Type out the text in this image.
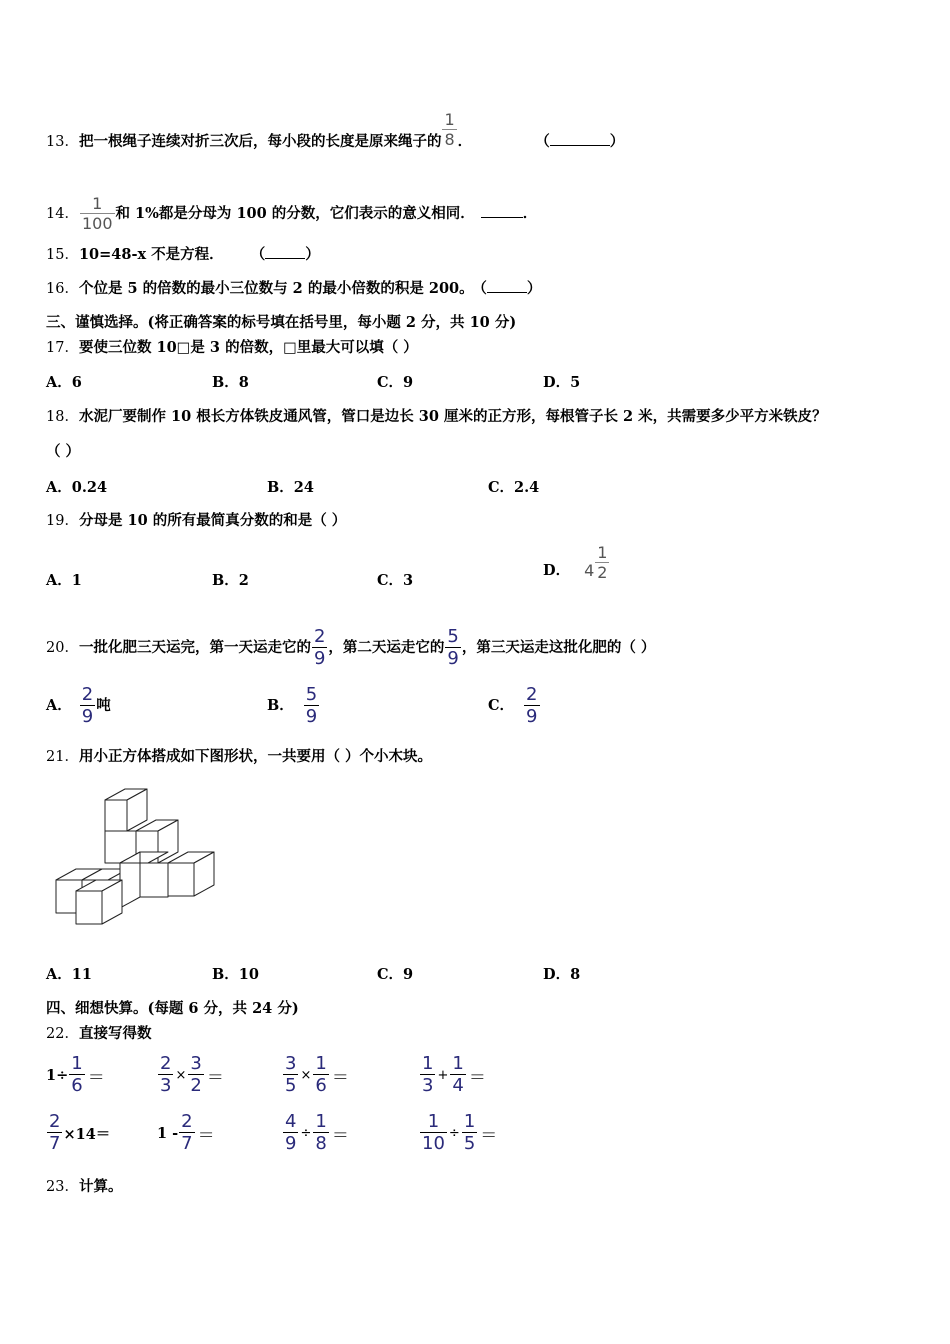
13．把一根绳子连续对折三次后，每小段的长度是原来绳子的 $\frac{1}{8}$ ．	（	）
14． $\frac{1}{100}$ 和 1%都是分母为 100 的分数，它们表示的意义相同．	．
15．10=48-x 不是方程． （	）
16．个位是 5 的倍数的最小三位数与 2 的最小倍数的积是 200。 （	）
三、谨慎选择。(将正确答案的标号填在括号里，每小题 2 分，共 10 分)
17．要使三位数 10□是 3 的倍数，□里最大可以填（ ）
A．6	B．8	C．9	D．5
18．水泥厂要制作 10 根长方体铁皮通风管，管口是边长 30 厘米的正方形，每根管子长 2 米，共需要多少平方米铁皮？
（ ）
A．0.24	B．24	C．2.4
19．分母是 10 的所有最简真分数的和是（ ）
A．1	B．2	C．3
D． $4 \frac{1}{2}$
20． 一批化肥三天运完，第一天运走它的 $\frac{2}{9}$ ，第二天运走它的 $\frac{5}{9}$ ，第三天运走这批化肥的（ ）
A． $\frac{2}{9}$ 吨	B． $\frac{5}{9}$	C． $\frac{2}{9}$
21．用小正方体搭成如下图形状，一共要用（ ）个小木块。
A．11	B．10	C．9	D．8
四、细想快算。(每题 6 分，共 24 分)
22．直接写得数
$1\div \frac{1}{6}$ ＝	$\frac{2}{3} \times \frac{3}{2}$ ＝	$\frac{3}{5} \times \frac{1}{6}$ ＝	$\frac{1}{3} + \frac{1}{4}$ ＝
$\frac{2}{7} \times 14=$	$1 - \frac{2}{7}$ ＝	$\frac{4}{9} \div \frac{1}{8}$ ＝	$\frac{1}{10} \div \frac{1}{5}$ ＝
23．计算。
